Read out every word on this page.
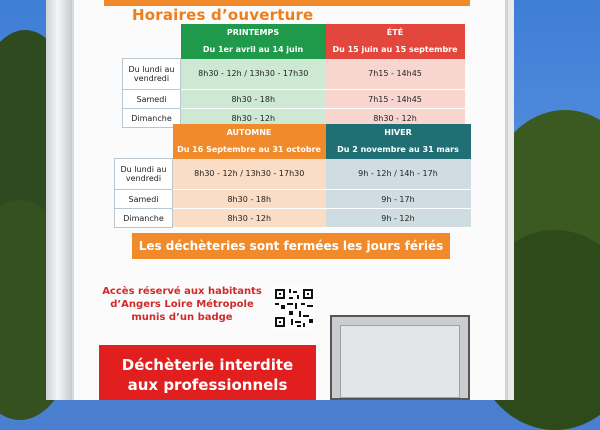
Horaires d’ouverture
	PRINTEMPS	ÉTÉ
	Du 1er avril au 14 juin	Du 15 juin au 15 septembre
Du lundi au vendredi	8h30 - 12h / 13h30 - 17h30	7h15 - 14h45
Samedi	8h30 - 18h	7h15 - 14h45
Dimanche	8h30 - 12h	8h30 - 12h
	AUTOMNE	HIVER
	Du 16 Septembre au 31 octobre	Du 2 novembre au 31 mars
Du lundi au vendredi	8h30 - 12h / 13h30 - 17h30	9h - 12h / 14h - 17h
Samedi	8h30 - 18h	9h - 17h
Dimanche	8h30 - 12h	9h - 12h
Les déchèteries sont fermées les jours fériés
Accès réservé aux habitants
d’Angers Loire Métropole
munis d’un badge
Déchèterie interdite
aux professionnels
